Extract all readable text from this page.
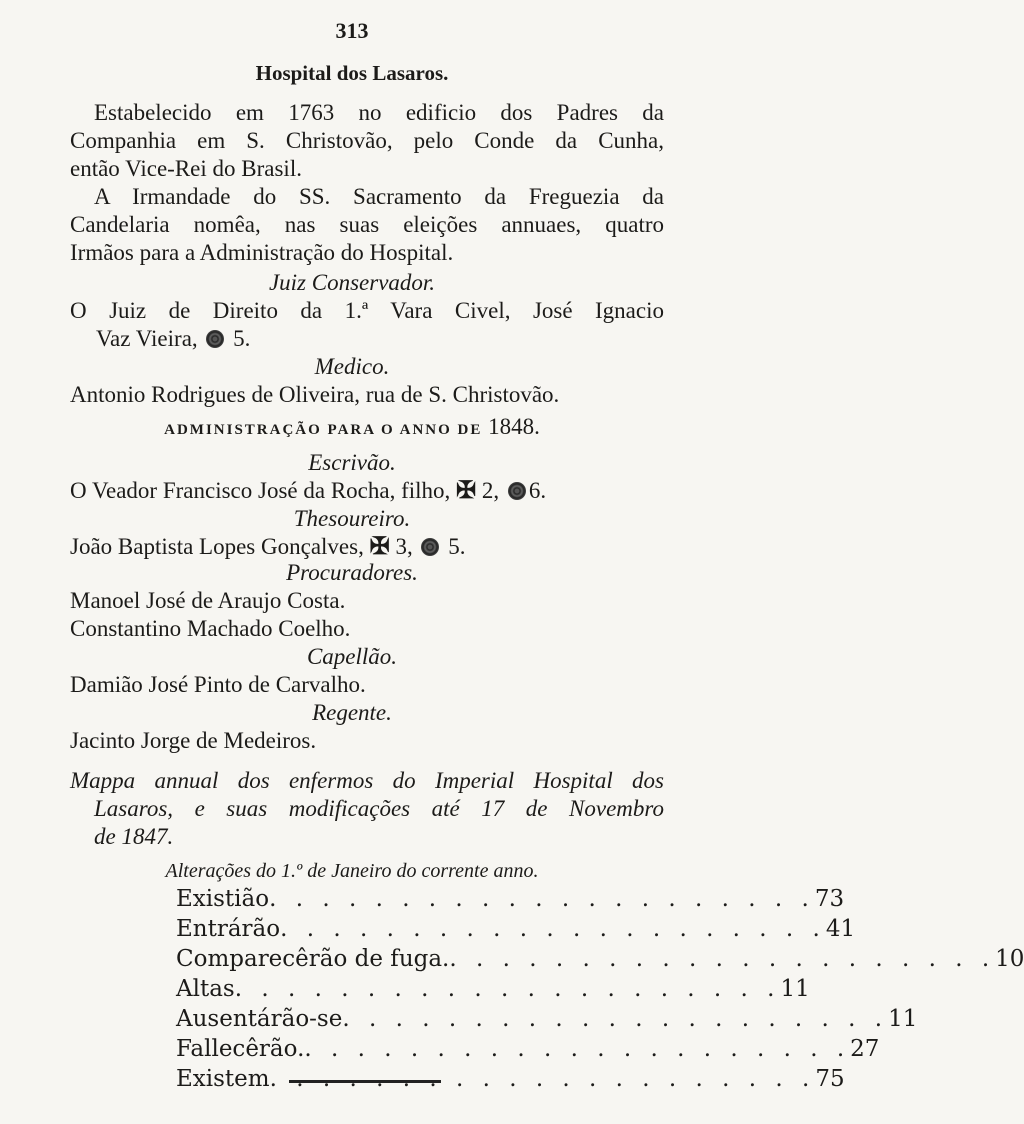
313

Hospital dos Lasaros.

Estabelecido em 1763 no edificio dos Padres da

Companhia em S. Christovão, pelo Conde da Cunha,

então Vice-Rei do Brasil.

A Irmandade do SS. Sacramento da Freguezia da

Candelaria nomêa, nas suas eleições annuaes, quatro

Irmãos para a Administração do Hospital.

Juiz Conservador.

O Juiz de Direito da 1.ª Vara Civel, José Ignacio

Vaz Vieira, 5.

Medico.

Antonio Rodrigues de Oliveira, rua de S. Christovão.

ADMINISTRAÇÃO PARA O ANNO DE 1848.

Escrivão.

O Veador Francisco José da Rocha, filho, ✠ 2, 6.

Thesoureiro.

João Baptista Lopes Gonçalves, ✠ 3, 5.

Procuradores.

Manoel José de Araujo Costa.

Constantino Machado Coelho.

Capellão.

Damião José Pinto de Carvalho.

Regente.

Jacinto Jorge de Medeiros.

Mappa annual dos enfermos do Imperial Hospital dos

Lasaros, e suas modificações até 17 de Novembro

de 1847.

Alterações do 1.º de Janeiro do corrente anno.

Existião . . . . . . . . . . . . . . . . . . . . . 73
Entrárão . . . . . . . . . . . . . . . . . . . . . 41
Comparecêrão de fuga. . . . . . . . . . . . . . . . . . . . . . 10
Altas . . . . . . . . . . . . . . . . . . . . . 11
Ausentárão-se . . . . . . . . . . . . . . . . . . . . . 11
Fallecêrão. . . . . . . . . . . . . . . . . . . . . . 27
Existem . . . . . . . . . . . . . . . . . . . . . 75
